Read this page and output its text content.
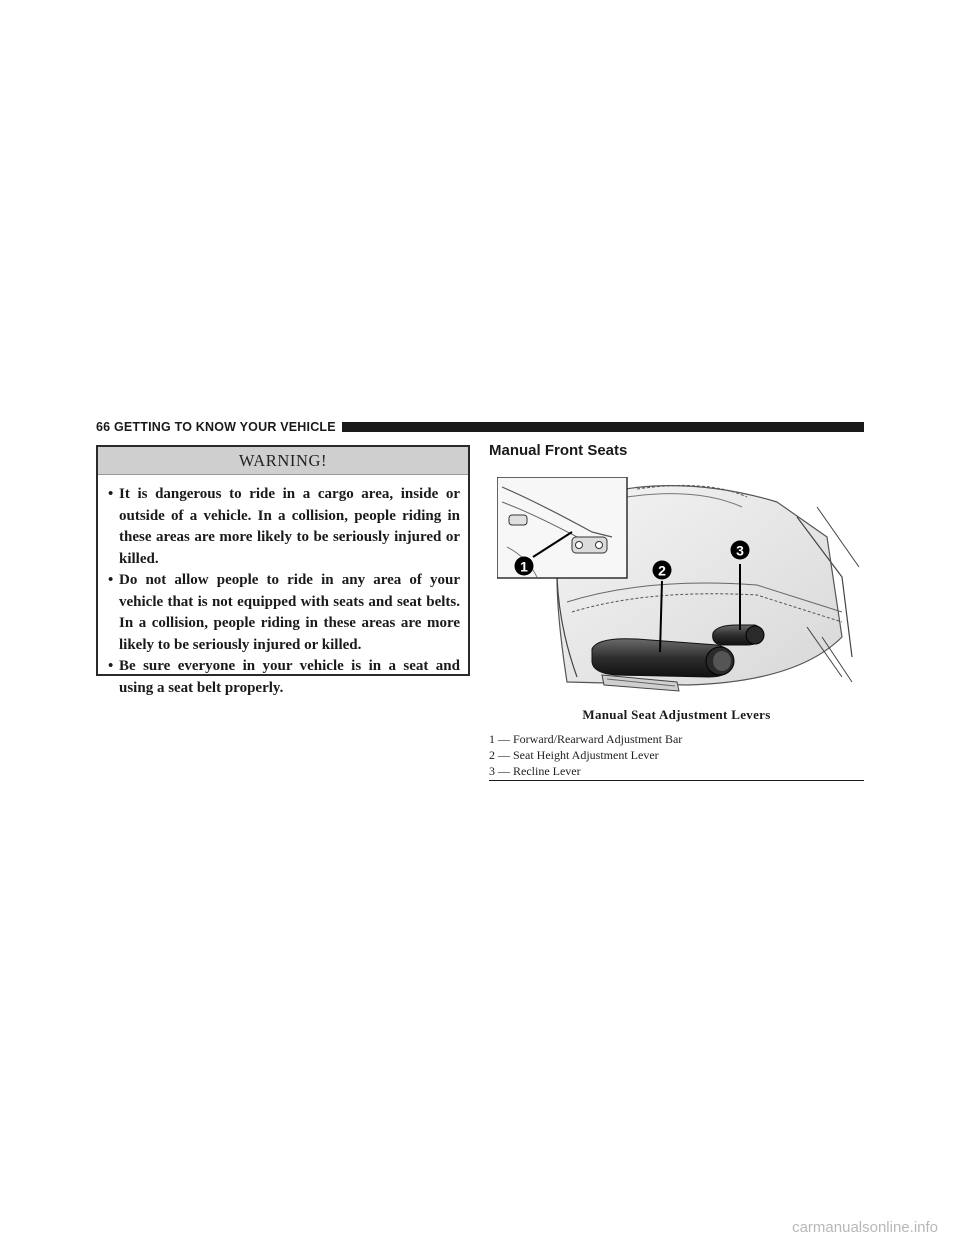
66 GETTING TO KNOW YOUR VEHICLE
WARNING!
• It is dangerous to ride in a cargo area, inside or outside of a vehicle. In a collision, people riding in these areas are more likely to be seriously injured or killed.
• Do not allow people to ride in any area of your vehicle that is not equipped with seats and seat belts. In a collision, people riding in these areas are more likely to be seriously injured or killed.
• Be sure everyone in your vehicle is in a seat and using a seat belt properly.
Manual Front Seats
1	2
3
Manual Seat Adjustment Levers
1 — Forward/Rearward Adjustment Bar
2 — Seat Height Adjustment Lever
3 — Recline Lever
carmanualsonline.info
